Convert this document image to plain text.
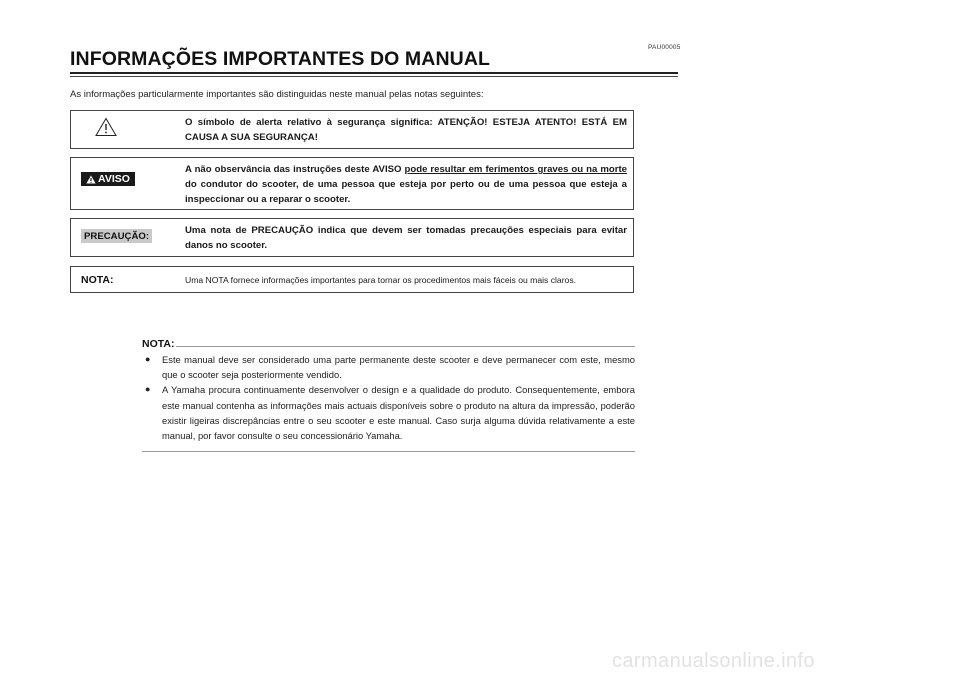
PAU00005
INFORMAÇÕES IMPORTANTES DO MANUAL
As informações particularmente importantes são distinguidas neste manual pelas notas seguintes:
O símbolo de alerta relativo à segurança significa: ATENÇÃO! ESTEJA ATENTO! ESTÁ EM CAUSA A SUA SEGURANÇA!
AVISO
A não observância das instruções deste AVISO pode resultar em ferimentos graves ou na morte do condutor do scooter, de uma pessoa que esteja por perto ou de uma pessoa que esteja a inspeccionar ou a reparar o scooter.
PRECAUÇÃO:	Uma nota de PRECAUÇÃO indica que devem ser tomadas precauções especiais para evitar danos no scooter.
NOTA:	Uma NOTA fornece informações importantes para tornar os procedimentos mais fáceis ou mais claros.
NOTA:
● Este manual deve ser considerado uma parte permanente deste scooter e deve permanecer com este, mesmo que o scooter seja posteriormente vendido.
● A Yamaha procura continuamente desenvolver o design e a qualidade do produto. Consequentemente, embora este manual contenha as informações mais actuais disponíveis sobre o produto na altura da impressão, poderão existir ligeiras discrepâncias entre o seu scooter e este manual. Caso surja alguma dúvida relativamente a este manual, por favor consulte o seu concessionário Yamaha.
carmanualsonline.info
